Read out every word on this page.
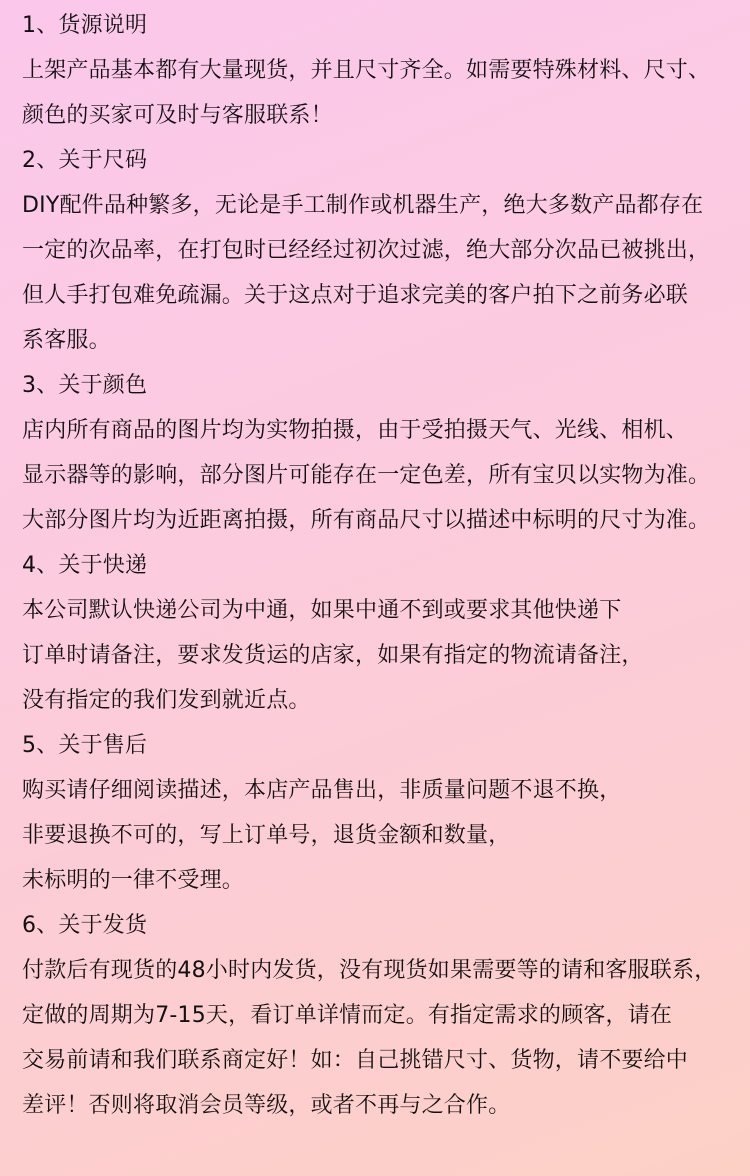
1、货源说明
上架产品基本都有大量现货，并且尺寸齐全。如需要特殊材料、尺寸、
颜色的买家可及时与客服联系！
2、关于尺码
DIY配件品种繁多，无论是手工制作或机器生产，绝大多数产品都存在
一定的次品率，在打包时已经经过初次过滤，绝大部分次品已被挑出，
但人手打包难免疏漏。关于这点对于追求完美的客户拍下之前务必联
系客服。
3、关于颜色
店内所有商品的图片均为实物拍摄，由于受拍摄天气、光线、相机、
显示器等的影响，部分图片可能存在一定色差，所有宝贝以实物为准。
大部分图片均为近距离拍摄，所有商品尺寸以描述中标明的尺寸为准。
4、关于快递
本公司默认快递公司为中通，如果中通不到或要求其他快递下
订单时请备注，要求发货运的店家，如果有指定的物流请备注，
没有指定的我们发到就近点。
5、关于售后
购买请仔细阅读描述，本店产品售出，非质量问题不退不换，
非要退换不可的，写上订单号，退货金额和数量，
未标明的一律不受理。
6、关于发货
付款后有现货的48小时内发货，没有现货如果需要等的请和客服联系，
定做的周期为7-15天，看订单详情而定。有指定需求的顾客，请在
交易前请和我们联系商定好！如：自己挑错尺寸、货物，请不要给中
差评！否则将取消会员等级，或者不再与之合作。
